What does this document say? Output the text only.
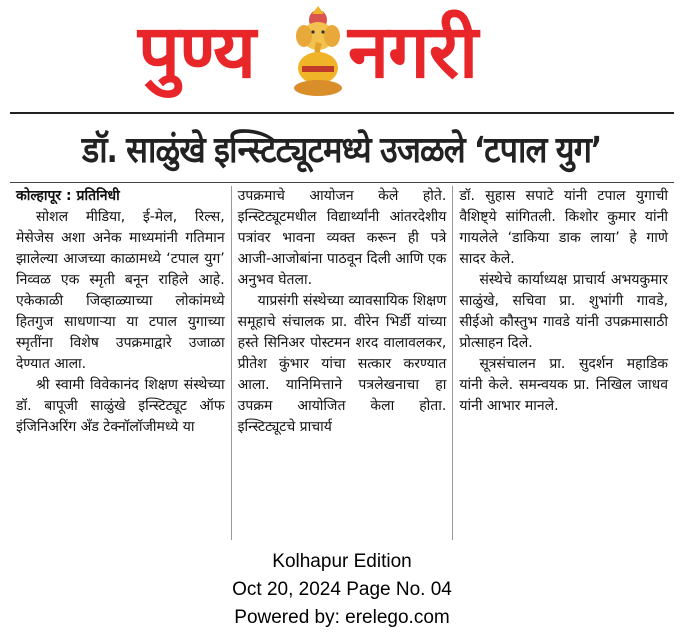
पुण्य नगरी
डॉ. साळुंखे इन्स्टिट्यूटमध्ये उजळले ‘टपाल युग’

कोल्हापूर : प्रतिनिधी

सोशल मीडिया, ई-मेल, रिल्स, मेसेजेस अशा अनेक माध्यमांनी गतिमान झालेल्या आजच्या काळामध्ये ‘टपाल युग’ निव्वळ एक स्मृती बनून राहिले आहे. एकेकाळी जिव्हाळ्याच्या लोकांमध्ये हितगुज साधणाऱ्या या टपाल युगाच्या स्मृतींना विशेष उपक्रमाद्वारे उजाळा देण्यात आला.

श्री स्वामी विवेकानंद शिक्षण संस्थेच्या डॉ. बापूजी साळुंखे इन्स्टिट्यूट ऑफ इंजिनिअरिंग अँड टेक्नॉलॉजीमध्ये या

उपक्रमाचे आयोजन केले होते. इन्स्टिट्यूटमधील विद्यार्थ्यांनी आंतरदेशीय पत्रांवर भावना व्यक्त करून ही पत्रे आजी-आजोबांना पाठवून दिली आणि एक अनुभव घेतला.

याप्रसंगी संस्थेच्या व्यावसायिक शिक्षण समूहाचे संचालक प्रा. वीरेन भिर्डी यांच्या हस्ते सिनिअर पोस्टमन शरद वालावलकर, प्रीतेश कुंभार यांचा सत्कार करण्यात आला. यानिमित्ताने पत्रलेखनाचा हा उपक्रम आयोजित केला होता. इन्स्टिट्यूटचे प्राचार्य

डॉ. सुहास सपाटे यांनी टपाल युगाची वैशिष्ट्ये सांगितली. किशोर कुमार यांनी गायलेले ‘डाकिया डाक लाया’ हे गाणे सादर केले.

संस्थेचे कार्याध्यक्ष प्राचार्य अभयकुमार साळुंखे, सचिवा प्रा. शुभांगी गावडे, सीईओ कौस्तुभ गावडे यांनी उपक्रमासाठी प्रोत्साहन दिले.

सूत्रसंचालन प्रा. सुदर्शन महाडिक यांनी केले. समन्वयक प्रा. निखिल जाधव यांनी आभार मानले.

Kolhapur Edition
Oct 20, 2024 Page No. 04
Powered by: erelego.com
